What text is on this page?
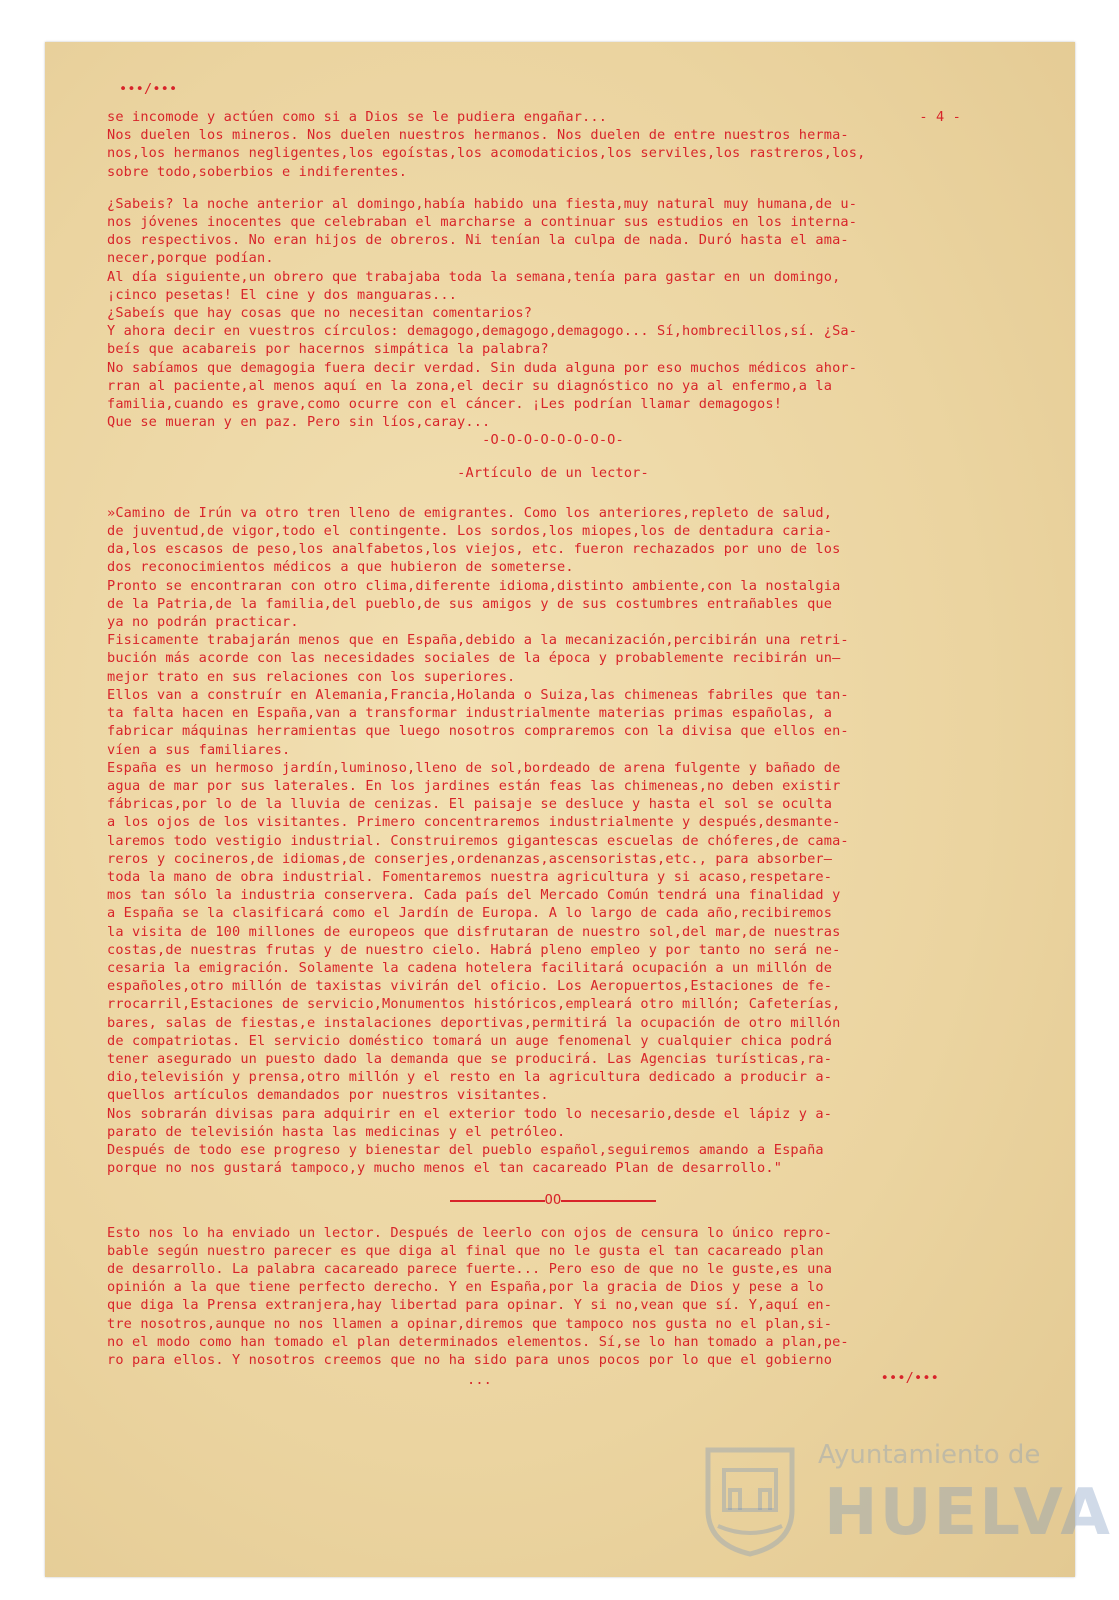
•••/•••
- 4 -
se incomode y actúen como si a Dios se le pudiera engañar...
Nos duelen los mineros. Nos duelen nuestros hermanos. Nos duelen de entre nuestros herma-
nos,los hermanos negligentes,los egoístas,los acomodaticios,los serviles,los rastreros,los,
sobre todo,soberbios e indiferentes.
¿Sabeis? la noche anterior al domingo,había habido una fiesta,muy natural muy humana,de u-
nos jóvenes inocentes que celebraban el marcharse a continuar sus estudios en los interna-
dos respectivos. No eran hijos de obreros. Ni tenían la culpa de nada. Duró hasta el ama-
necer,porque podían.
Al día siguiente,un obrero que trabajaba toda la semana,tenía para gastar en un domingo,
¡cinco pesetas! El cine y dos manguaras...
¿Sabeís que hay cosas que no necesitan comentarios?
Y ahora decir en vuestros círculos: demagogo,demagogo,demagogo... Sí,hombrecillos,sí. ¿Sa-
beís que acabareis por hacernos simpática la palabra?
No sabíamos que demagogia fuera decir verdad. Sin duda alguna por eso muchos médicos ahor-
rran al paciente,al menos aquí en la zona,el decir su diagnóstico no ya al enfermo,a la
familia,cuando es grave,como ocurre con el cáncer. ¡Les podrían llamar demagogos!
Que se mueran y en paz. Pero sin líos,caray...
-O-O-O-O-O-O-O-O-
-Artículo de un lector-
»Camino de Irún va otro tren lleno de emigrantes. Como los anteriores,repleto de salud,
de juventud,de vigor,todo el contingente. Los sordos,los miopes,los de dentadura caria-
da,los escasos de peso,los analfabetos,los viejos, etc. fueron rechazados por uno de los
dos reconocimientos médicos a que hubieron de someterse.
Pronto se encontraran con otro clima,diferente idioma,distinto ambiente,con la nostalgia
de la Patria,de la familia,del pueblo,de sus amigos y de sus costumbres entrañables que
ya no podrán practicar.
Fisicamente trabajarán menos que en España,debido a la mecanización,percibirán una retri-
bución más acorde con las necesidades sociales de la época y probablemente recibirán un—
mejor trato en sus relaciones con los superiores.
Ellos van a construír en Alemania,Francia,Holanda o Suiza,las chimeneas fabriles que tan-
ta falta hacen en España,van a transformar industrialmente materias primas españolas, a
fabricar máquinas herramientas que luego nosotros compraremos con la divisa que ellos en-
víen a sus familiares.
España es un hermoso jardín,luminoso,lleno de sol,bordeado de arena fulgente y bañado de
agua de mar por sus laterales. En los jardines están feas las chimeneas,no deben existir
fábricas,por lo de la lluvia de cenizas. El paisaje se desluce y hasta el sol se oculta
a los ojos de los visitantes. Primero concentraremos industrialmente y después,desmante-
laremos todo vestigio industrial. Construiremos gigantescas escuelas de chóferes,de cama-
reros y cocineros,de idiomas,de conserjes,ordenanzas,ascensoristas,etc., para absorber—
toda la mano de obra industrial. Fomentaremos nuestra agricultura y si acaso,respetare-
mos tan sólo la industria conservera. Cada país del Mercado Común tendrá una finalidad y
a España se la clasificará como el Jardín de Europa. A lo largo de cada año,recibiremos
la visita de 100 millones de europeos que disfrutaran de nuestro sol,del mar,de nuestras
costas,de nuestras frutas y de nuestro cielo. Habrá pleno empleo y por tanto no será ne-
cesaria la emigración. Solamente la cadena hotelera facilitará ocupación a un millón de
españoles,otro millón de taxistas vivirán del oficio. Los Aeropuertos,Estaciones de fe-
rrocarril,Estaciones de servicio,Monumentos históricos,empleará otro millón; Cafeterías,
bares, salas de fiestas,e instalaciones deportivas,permitirá la ocupación de otro millón
de compatriotas. El servicio doméstico tomará un auge fenomenal y cualquier chica podrá
tener asegurado un puesto dado la demanda que se producirá. Las Agencias turísticas,ra-
dio,televisión y prensa,otro millón y el resto en la agricultura dedicado a producir a-
quellos artículos demandados por nuestros visitantes.
Nos sobrarán divisas para adquirir en el exterior todo lo necesario,desde el lápiz y a-
parato de televisión hasta las medicinas y el petróleo.
Después de todo ese progreso y bienestar del pueblo español,seguiremos amando a España
porque no nos gustará tampoco,y mucho menos el tan cacareado Plan de desarrollo."
OO
Esto nos lo ha enviado un lector. Después de leerlo con ojos de censura lo único repro-
bable según nuestro parecer es que diga al final que no le gusta el tan cacareado plan
de desarrollo. La palabra cacareado parece fuerte... Pero eso de que no le guste,es una
opinión a la que tiene perfecto derecho. Y en España,por la gracia de Dios y pese a lo
que diga la Prensa extranjera,hay libertad para opinar. Y si no,vean que sí. Y,aquí en-
tre nosotros,aunque no nos llamen a opinar,diremos que tampoco nos gusta no el plan,si-
no el modo como han tomado el plan determinados elementos. Sí,se lo han tomado a plan,pe-
ro para ellos. Y nosotros creemos que no ha sido para unos pocos por lo que el gobierno
•••/•••
...
Ayuntamiento de
HUELVA
